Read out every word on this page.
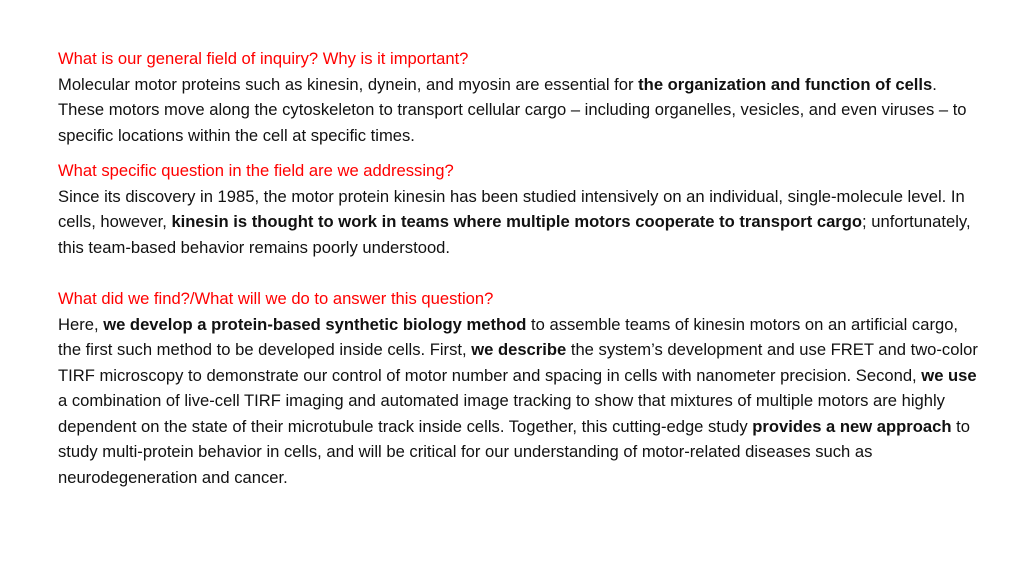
What is our general field of inquiry? Why is it important?

Molecular motor proteins such as kinesin, dynein, and myosin are essential for the organization and function of cells. These motors move along the cytoskeleton to transport cellular cargo – including organelles, vesicles, and even viruses – to specific locations within the cell at specific times.

What specific question in the field are we addressing?

Since its discovery in 1985, the motor protein kinesin has been studied intensively on an individual, single-molecule level. In cells, however, kinesin is thought to work in teams where multiple motors cooperate to transport cargo; unfortunately, this team-based behavior remains poorly understood.

What did we find?/What will we do to answer this question?

Here, we develop a protein-based synthetic biology method to assemble teams of kinesin motors on an artificial cargo, the first such method to be developed inside cells. First, we describe the system’s development and use FRET and two-color TIRF microscopy to demonstrate our control of motor number and spacing in cells with nanometer precision. Second, we use a combination of live-cell TIRF imaging and automated image tracking to show that mixtures of multiple motors are highly dependent on the state of their microtubule track inside cells. Together, this cutting-edge study provides a new approach to study multi-protein behavior in cells, and will be critical for our understanding of motor-related diseases such as neurodegeneration and cancer.
